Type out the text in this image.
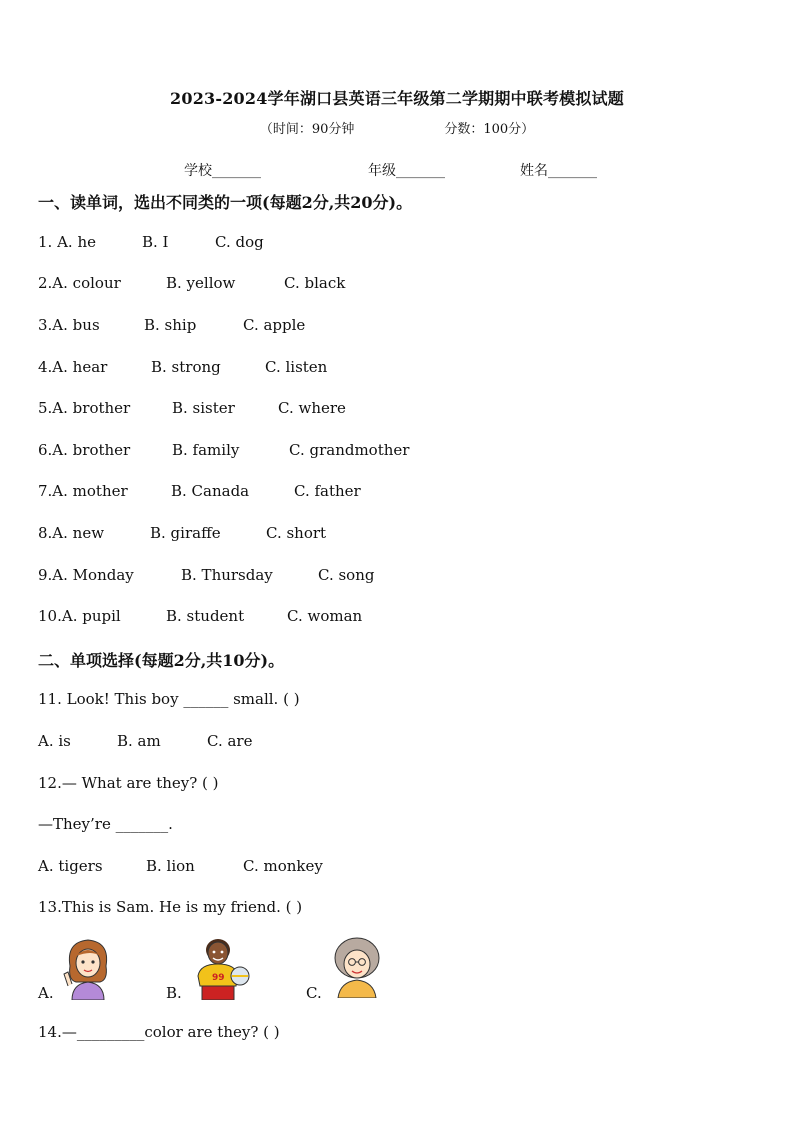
2023-2024学年湖口县英语三年级第二学期期中联考模拟试题
（时间：90分钟	分数：100分）
学校_______	年级_______	姓名_______
一、读单词，选出不同类的一项(每题2分,共20分)。
1. A. he	B. I	C. dog
2.A. colour	B. yellow	C. black
3.A. bus	B. ship	C. apple
4.A. hear	B. strong	C. listen
5.A. brother	B. sister	C. where
6.A. brother	B. family	C. grandmother
7.A. mother	B. Canada	C. father
8.A. new	B. giraffe	C. short
9.A. Monday	B. Thursday	C. song
10.A. pupil	B. student	C. woman
二、单项选择(每题2分,共10分)。
11. Look! This boy ______ small. ( )
A. is	B. am	C. are
12.— What are they? ( )
—They’re _______.
A. tigers	B. lion	C. monkey
13.This is Sam. He is my friend. ( )
A.	B.
99
C.
14.—_________color are they? ( )
